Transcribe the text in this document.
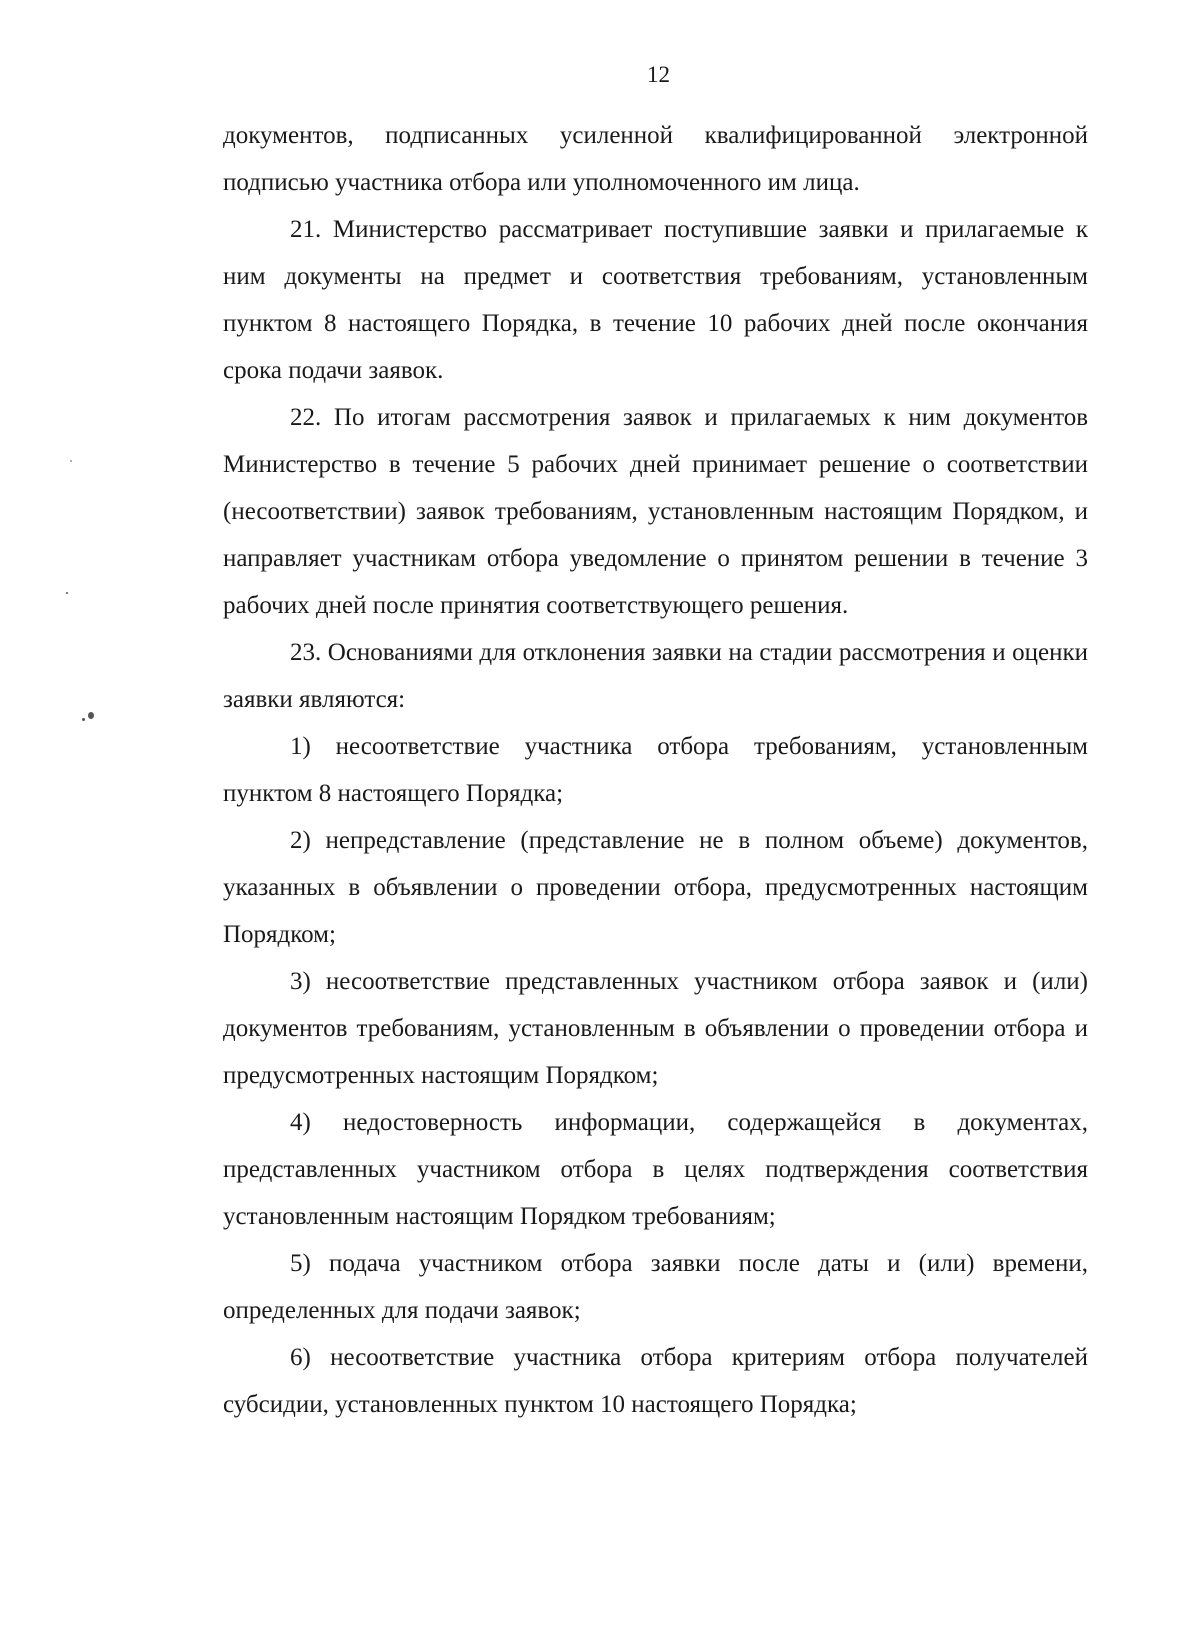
12

документов, подписанных усиленной квалифицированной электронной подписью участника отбора или уполномоченного им лица.

21. Министерство рассматривает поступившие заявки и прилагаемые к ним документы на предмет и соответствия требованиям, установленным пунктом 8 настоящего Порядка, в течение 10 рабочих дней после окончания срока подачи заявок.

22. По итогам рассмотрения заявок и прилагаемых к ним документов Министерство в течение 5 рабочих дней принимает решение о соответствии (несоответствии) заявок требованиям, установленным настоящим Порядком, и направляет участникам отбора уведомление о принятом решении в течение 3 рабочих дней после принятия соответствующего решения.

23. Основаниями для отклонения заявки на стадии рассмотрения и оценки заявки являются:

1) несоответствие участника отбора требованиям, установленным пунктом 8 настоящего Порядка;

2) непредставление (представление не в полном объеме) документов, указанных в объявлении о проведении отбора, предусмотренных настоящим Порядком;

3) несоответствие представленных участником отбора заявок и (или) документов требованиям, установленным в объявлении о проведении отбора и предусмотренных настоящим Порядком;

4) недостоверность информации, содержащейся в документах, представленных участником отбора в целях подтверждения соответствия установленным настоящим Порядком требованиям;

5) подача участником отбора заявки после даты и (или) времени, определенных для подачи заявок;

6) несоответствие участника отбора критериям отбора получателей субсидии, установленных пунктом 10 настоящего Порядка;
